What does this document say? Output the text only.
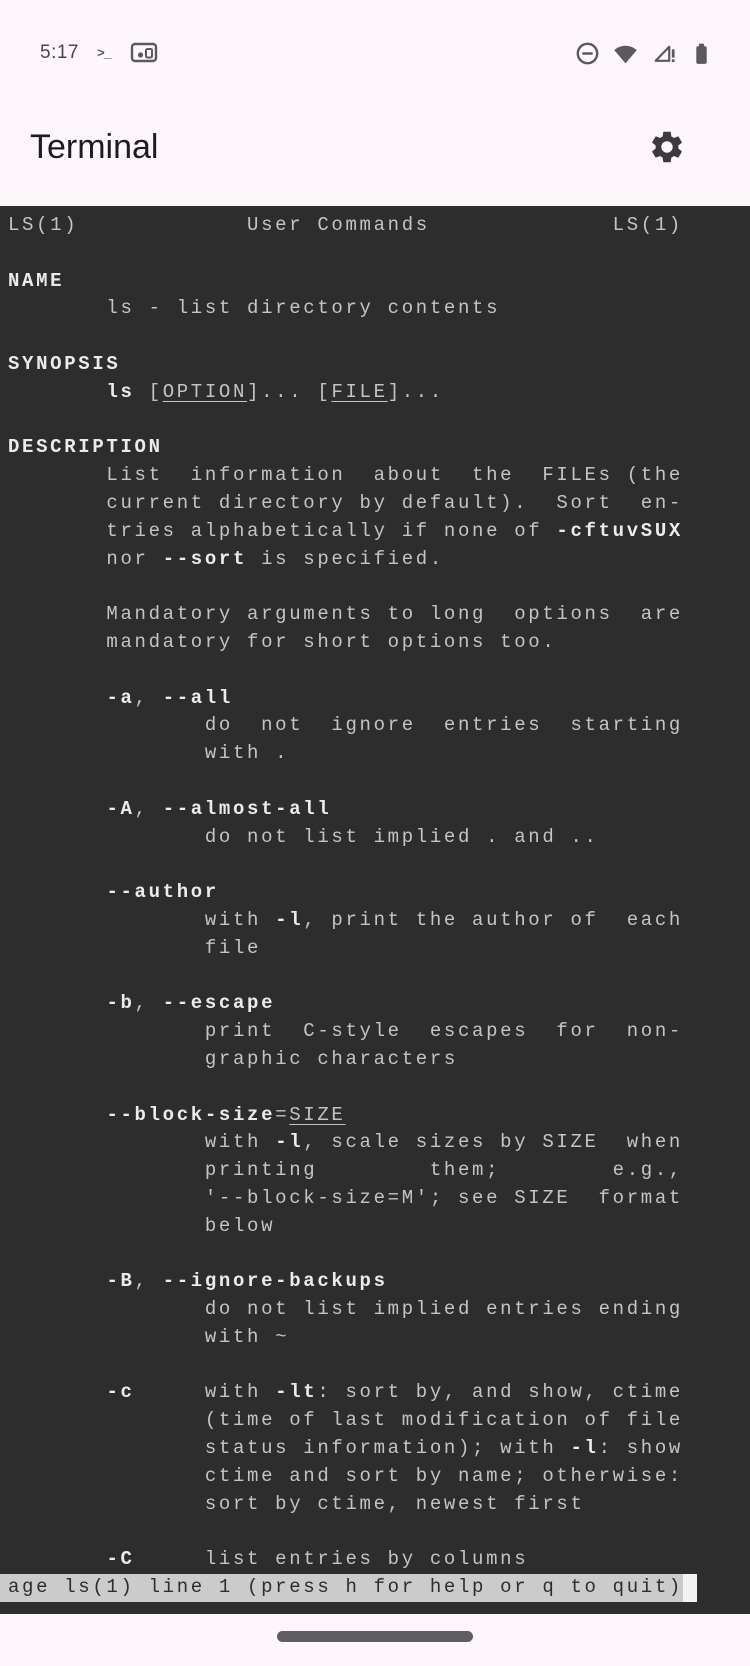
5:17 >_
Terminal
LS(1)            User Commands             LS(1)
NAME
ls - list directory contents
SYNOPSIS
ls [OPTION]... [FILE]...
DESCRIPTION
List  information  about  the  FILEs (the
current directory by default).  Sort  en-
tries alphabetically if none of -cftuvSUX
nor --sort is specified.
Mandatory arguments to long  options  are
mandatory for short options too.
-a, --all
do  not  ignore  entries  starting
with .
-A, --almost-all
do not list implied . and ..
--author
with -l, print the author of  each
file
-b, --escape
print  C-style  escapes  for  non-
graphic characters
--block-size=SIZE
with -l, scale sizes by SIZE  when
printing        them;        e.g.,
'--block-size=M'; see SIZE  format
below
-B, --ignore-backups
do not list implied entries ending
with ~
-c     with -lt: sort by, and show, ctime
(time of last modification of file
status information); with -l: show
ctime and sort by name; otherwise:
sort by ctime, newest first
-C     list entries by columns
age ls(1) line 1 (press h for help or q to quit)
